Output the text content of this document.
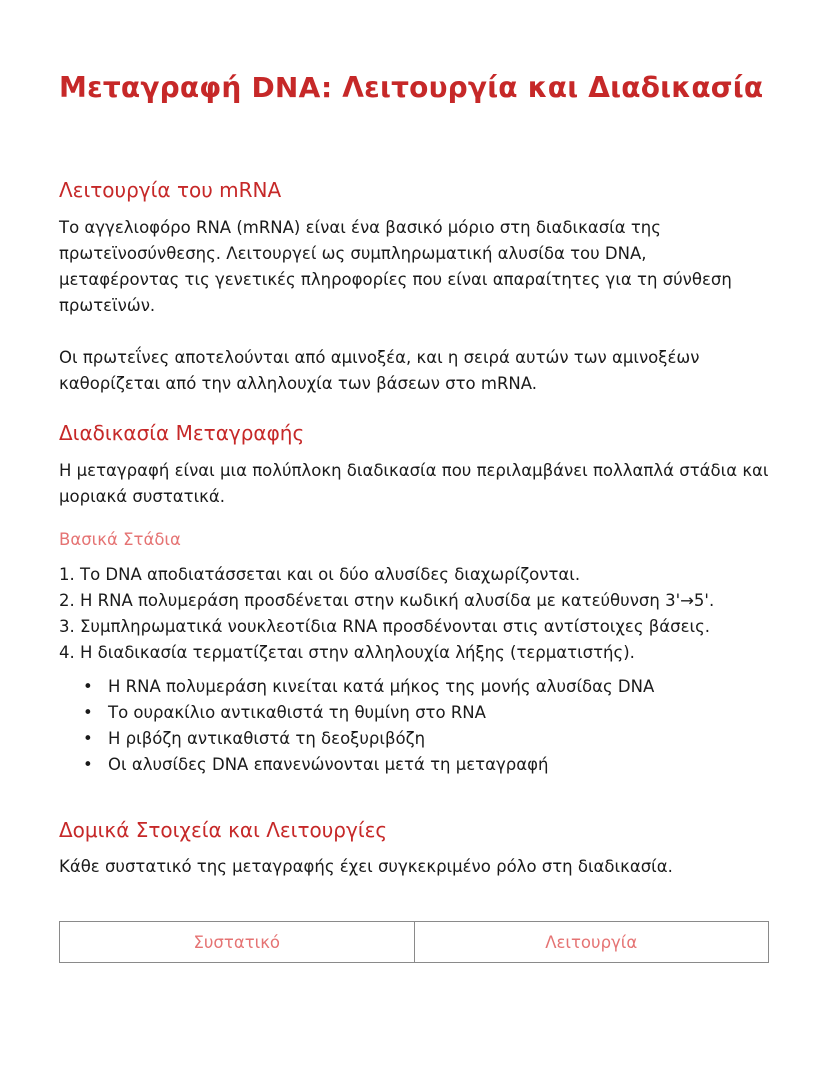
Μεταγραφή DNA: Λειτουργία και Διαδικασία
Λειτουργία του mRNA

Το αγγελιοφόρο RNA (mRNA) είναι ένα βασικό μόριο στη διαδικασία της πρωτεϊνοσύνθεσης. Λειτουργεί ως συμπληρωματική αλυσίδα του DNA, μεταφέροντας τις γενετικές πληροφορίες που είναι απαραίτητες για τη σύνθεση πρωτεϊνών.

Οι πρωτεΐνες αποτελούνται από αμινοξέα, και η σειρά αυτών των αμινοξέων καθορίζεται από την αλληλουχία των βάσεων στο mRNA.

Διαδικασία Μεταγραφής

Η μεταγραφή είναι μια πολύπλοκη διαδικασία που περιλαμβάνει πολλαπλά στάδια και μοριακά συστατικά.

Βασικά Στάδια
1. Το DNA αποδιατάσσεται και οι δύο αλυσίδες διαχωρίζονται.
2. Η RNA πολυμεράση προσδένεται στην κωδική αλυσίδα με κατεύθυνση 3'→5'.
3. Συμπληρωματικά νουκλεοτίδια RNA προσδένονται στις αντίστοιχες βάσεις.
4. Η διαδικασία τερματίζεται στην αλληλουχία λήξης (τερματιστής).
• Η RNA πολυμεράση κινείται κατά μήκος της μονής αλυσίδας DNA
• Το ουρακίλιο αντικαθιστά τη θυμίνη στο RNA
• Η ριβόζη αντικαθιστά τη δεοξυριβόζη
• Οι αλυσίδες DNA επανενώνονται μετά τη μεταγραφή
Δομικά Στοιχεία και Λειτουργίες

Κάθε συστατικό της μεταγραφής έχει συγκεκριμένο ρόλο στη διαδικασία.

Συστατικό	Λειτουργία
